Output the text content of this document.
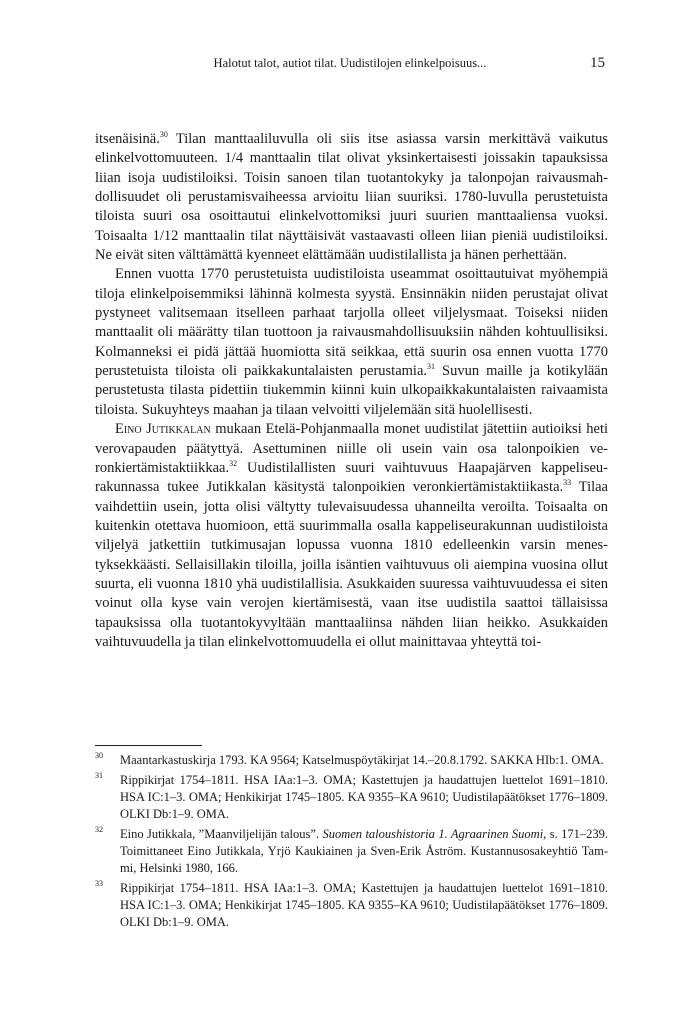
Halotut talot, autiot tilat. Uudistilojen elinkelpoisuus...	15

itsenäisinä.$^{30}$ Tilan manttaaliluvulla oli siis itse asiassa varsin merkittävä vaikutus elinkelvottomuuteen. 1/4 manttaalin tilat olivat yksinkertaisesti joissakin tapauksissa liian isoja uudistiloiksi. Toisin sanoen tilan tuotantokyky ja talonpojan raivausmahdollisuudet oli perustamisvaiheessa arvioitu liian suuriksi. 1780-luvulla perustetuista tiloista suuri osa osoittautui elinkelvottomiksi juuri suurien manttaaliensa vuoksi. Toisaalta 1/12 manttaalin tilat näyttäisivät vastaavasti olleen liian pieniä uudistiloiksi. Ne eivät siten välttämättä kyenneet elättämään uudistilallista ja hänen perhettään.

Ennen vuotta 1770 perustetuista uudistiloista useammat osoittautuivat myöhempiä tiloja elinkelpoisemmiksi lähinnä kolmesta syystä. Ensinnäkin niiden perustajat olivat pystyneet valitsemaan itselleen parhaat tarjolla olleet viljelysmaat. Toiseksi niiden manttaalit oli määrätty tilan tuottoon ja raivausmahdollisuuksiin nähden kohtuullisiksi. Kolmanneksi ei pidä jättää huomiotta sitä seikkaa, että suurin osa ennen vuotta 1770 perustetuista tiloista oli paikkakuntalaisten perustamia.$^{31}$ Suvun maille ja kotikylään perustetusta tilasta pidettiin tiukemmin kiinni kuin ulkopaikkakuntalaisten raivaamista tiloista. Sukuyhteys maahan ja tilaan velvoitti viljelemään sitä huolellisesti.

Eino Jutikkalan mukaan Etelä-Pohjanmaalla monet uudistilat jätettiin autioiksi heti verovapauden päätyttyä. Asettuminen niille oli usein vain osa talonpoikien veronkiertämistaktiikkaa.$^{32}$ Uudistilallisten suuri vaihtuvuus Haapajärven kappeliseurakunnassa tukee Jutikkalan käsitystä talonpoikien veronkiertämistaktiikasta.$^{33}$ Tilaa vaihdettiin usein, jotta olisi vältytty tulevaisuudessa uhanneilta veroilta. Toisaalta on kuitenkin otettava huomioon, että suurimmalla osalla kappeliseurakunnan uudistiloista viljelyä jatkettiin tutkimusajan lopussa vuonna 1810 edelleenkin varsin menestyksekkäästi. Sellaisillakin tiloilla, joilla isäntien vaihtuvuus oli aiempina vuosina ollut suurta, eli vuonna 1810 yhä uudistilallisia. Asukkaiden suuressa vaihtuvuudessa ei siten voinut olla kyse vain verojen kiertämisestä, vaan itse uudistila saattoi tällaisissa tapauksissa olla tuotantokyvyltään manttaaliinsa nähden liian heikko. Asukkaiden vaihtuvuudella ja tilan elinkelvottomuudella ei ollut mainittavaa yhteyttä toi-

30 Maantarkastuskirja 1793. KA 9564; Katselmuspöytäkirjat 14.–20.8.1792. SAKKA HIb:1. OMA.
31 Rippikirjat 1754–1811. HSA IAa:1–3. OMA; Kastettujen ja haudattujen luettelot 1691–1810. HSA IC:1–3. OMA; Henkikirjat 1745–1805. KA 9355–KA 9610; Uudistilapäätökset 1776–1809. OLKI Db:1–9. OMA.
32 Eino Jutikkala, ”Maanviljelijän talous”. Suomen taloushistoria 1. Agraarinen Suomi, s. 171–239. Toimittaneet Eino Jutikkala, Yrjö Kaukiainen ja Sven-Erik Åström. Kustannusosakeyhtiö Tammi, Helsinki 1980, 166.
33 Rippikirjat 1754–1811. HSA IAa:1–3. OMA; Kastettujen ja haudattujen luettelot 1691–1810. HSA IC:1–3. OMA; Henkikirjat 1745–1805. KA 9355–KA 9610; Uudistilapäätökset 1776–1809. OLKI Db:1–9. OMA.
